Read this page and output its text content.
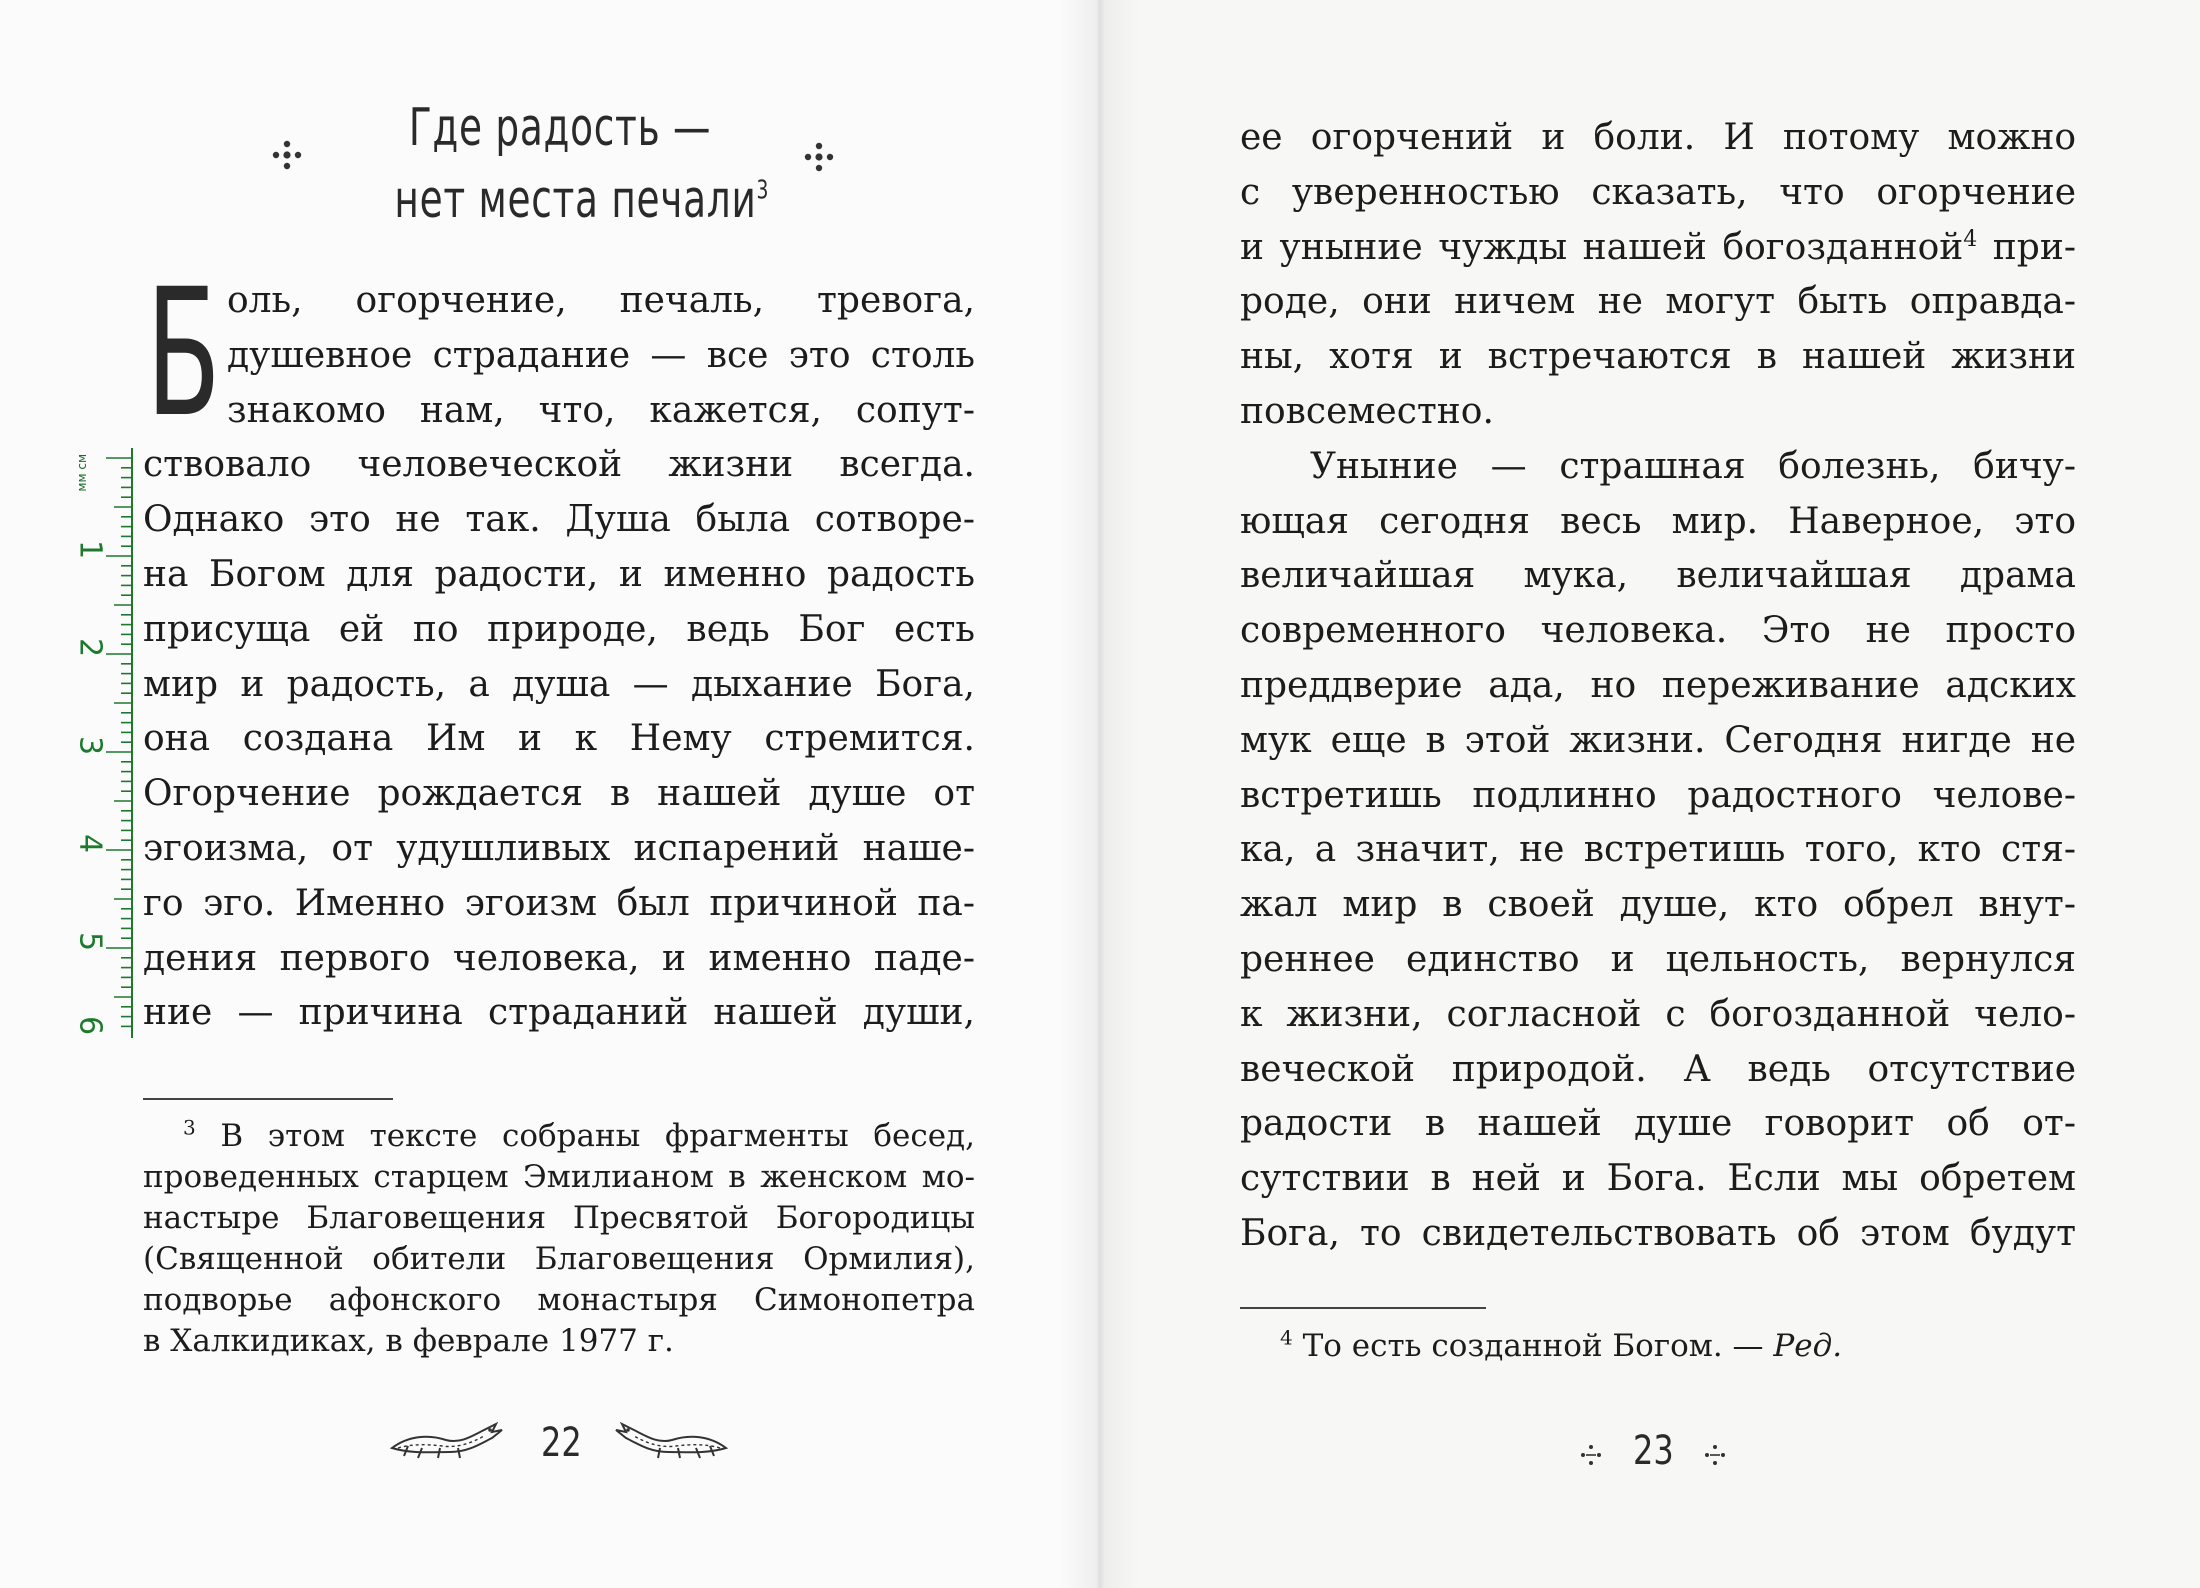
Где радость —
нет места печали$^3$
Б оль, огорчение, печаль, тревога,
душевное страдание — все это столь
знакомо нам, что, кажется, сопут-
ствовало человеческой жизни всегда.
Однако это не так. Душа была сотворе-
на Богом для радости, и именно радость
присуща ей по природе, ведь Бог есть
мир и радость, а душа — дыхание Бога,
она создана Им и к Нему стремится.
Огорчение рождается в нашей душе от
эгоизма, от удушливых испарений наше-
го эго. Именно эгоизм был причиной па-
дения первого человека, и именно паде-
ние — причина страданий нашей души,
$^3$ В этом тексте собраны фрагменты бесед,
проведенных старцем Эмилианом в женском мо-
настыре Благовещения Пресвятой Богородицы
(Священной обители Благовещения Ормилия),
подворье афонского монастыря Симонопетра
в Халкидиках, в феврале 1977 г.
22
мм см
1
2
3
4
5
6
ее огорчений и боли. И потому можно
с уверенностью сказать, что огорчение
и уныние чужды нашей богозданной$^4$ при-
роде, они ничем не могут быть оправда-
ны, хотя и встречаются в нашей жизни
повсеместно.
Уныние — страшная болезнь, бичу-
ющая сегодня весь мир. Наверное, это
величайшая мука, величайшая драма
современного человека. Это не просто
преддверие ада, но переживание адских
мук еще в этой жизни. Сегодня нигде не
встретишь подлинно радостного челове-
ка, а значит, не встретишь того, кто стя-
жал мир в своей душе, кто обрел внут-
реннее единство и цельность, вернулся
к жизни, согласной с богозданной чело-
веческой природой. А ведь отсутствие
радости в нашей душе говорит об от-
сутствии в ней и Бога. Если мы обретем
Бога, то свидетельствовать об этом будут
$^4$ То есть созданной Богом. — Ред.
23
